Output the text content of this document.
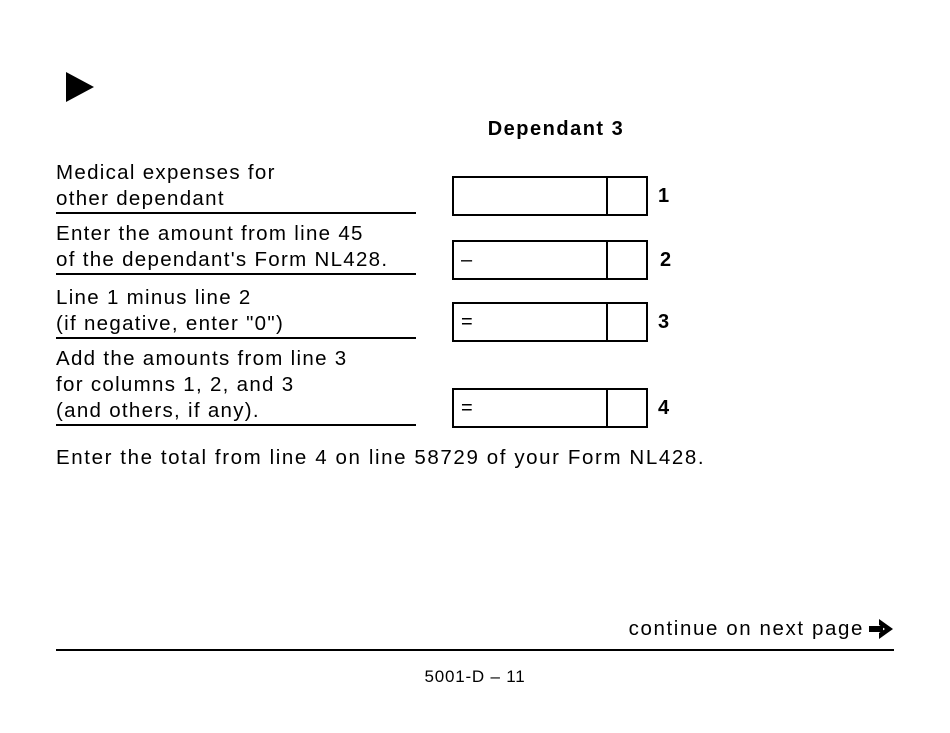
Dependant 3
Medical expenses for
other dependant	1
Enter the amount from line 45
of the dependant's Form NL428.	–	2
Line 1 minus line 2
(if negative, enter "0")	=	3
Add the amounts from line 3
for columns 1, 2, and 3
(and others, if any).	=	4
Enter the total from line 4 on line 58729 of your Form NL428.
continue on next page
5001-D – 11
